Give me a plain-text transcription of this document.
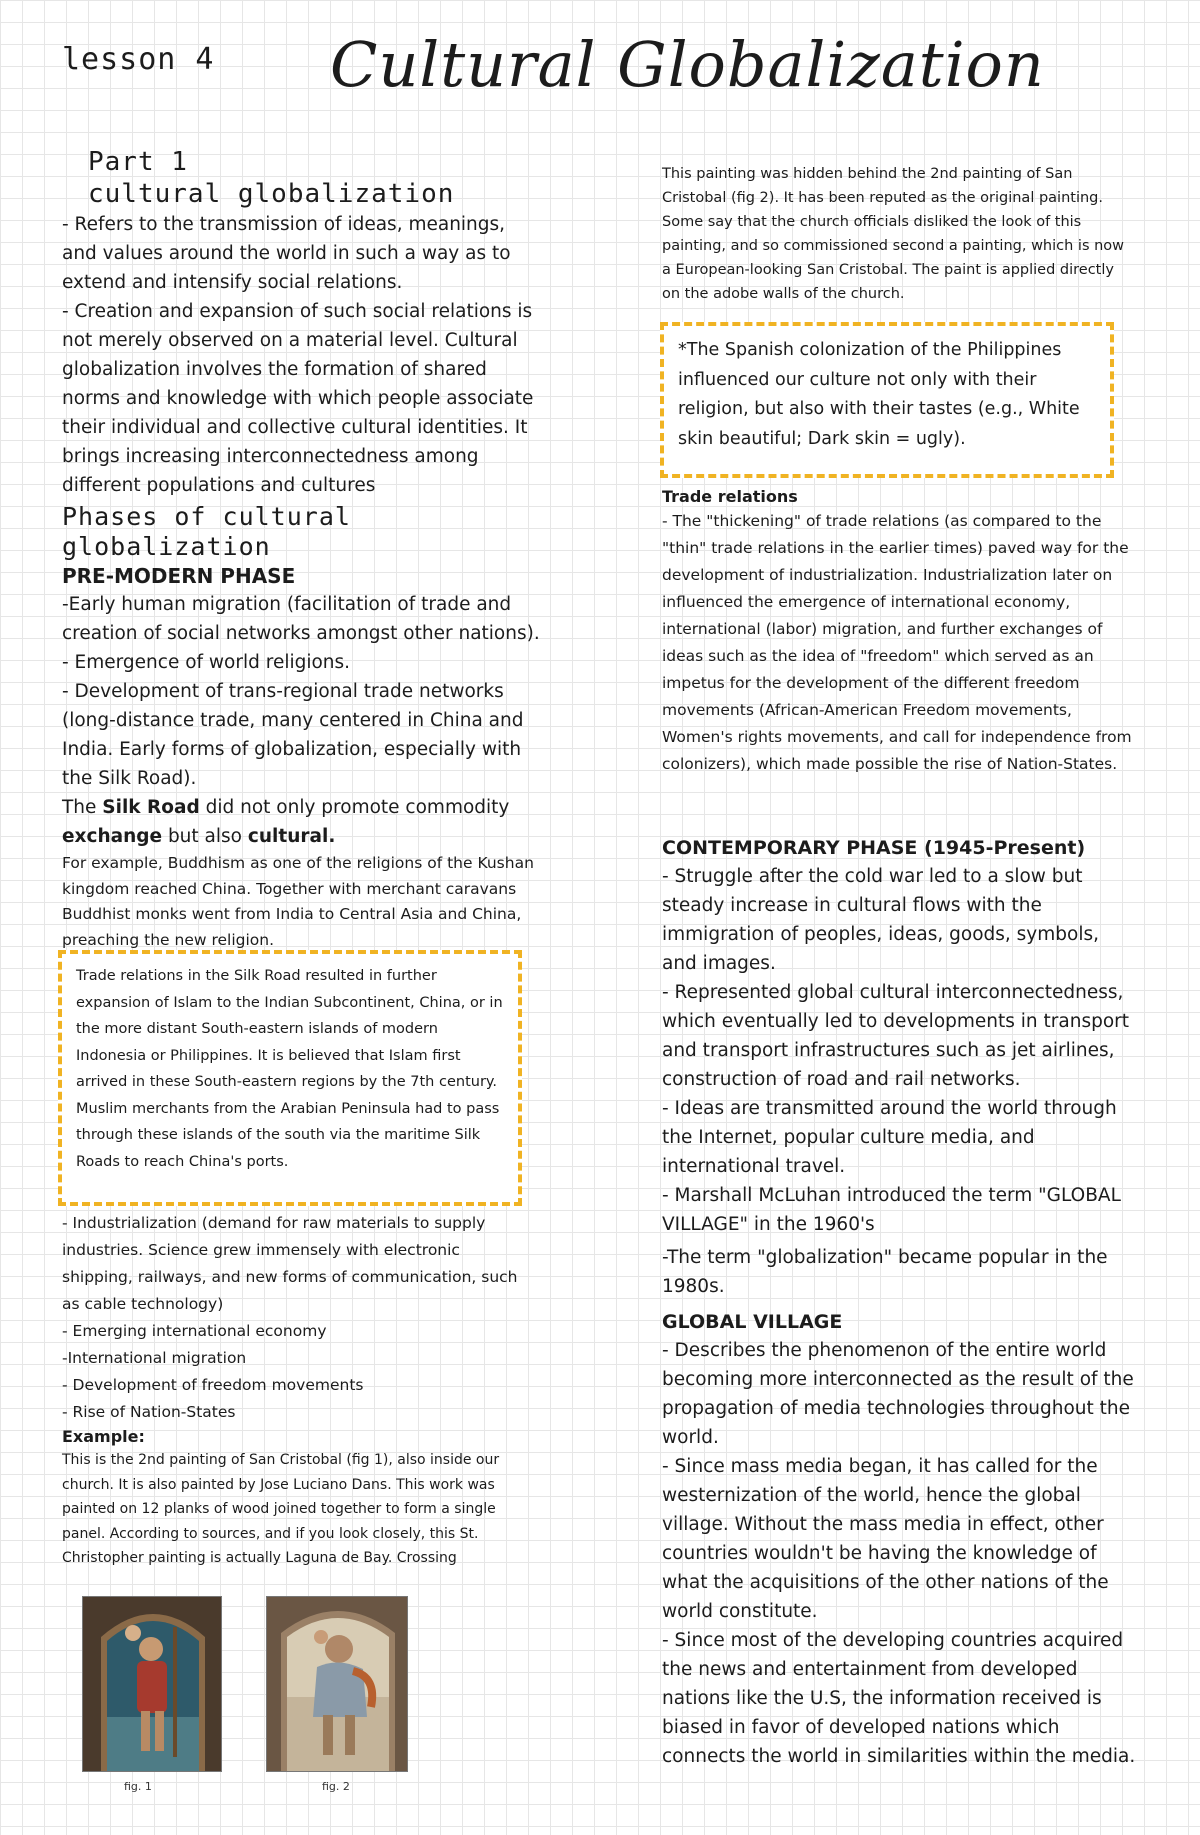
lesson 4 Cultural Globalization
Part 1
cultural globalization

- Refers to the transmission of ideas, meanings, and values around the world in such a way as to extend and intensify social relations.

- Creation and expansion of such social relations is not merely observed on a material level. Cultural globalization involves the formation of shared norms and knowledge with which people associate their individual and collective cultural identities. It brings increasing interconnectedness among different populations and cultures

Phases of cultural globalization
PRE-MODERN PHASE

-Early human migration (facilitation of trade and creation of social networks amongst other nations).

- Emergence of world religions.

- Development of trans-regional trade networks (long-distance trade, many centered in China and India. Early forms of globalization, especially with the Silk Road).

The Silk Road did not only promote commodity exchange but also cultural.

For example, Buddhism as one of the religions of the Kushan kingdom reached China. Together with merchant caravans Buddhist monks went from India to Central Asia and China, preaching the new religion.

Trade relations in the Silk Road resulted in further expansion of Islam to the Indian Subcontinent, China, or in the more distant South-eastern islands of modern Indonesia or Philippines. It is believed that Islam first arrived in these South-eastern regions by the 7th century. Muslim merchants from the Arabian Peninsula had to pass through these islands of the south via the maritime Silk Roads to reach China's ports.

- Industrialization (demand for raw materials to supply industries. Science grew immensely with electronic shipping, railways, and new forms of communication, such as cable technology)

- Emerging international economy

-International migration

- Development of freedom movements

- Rise of Nation-States

Example:

This is the 2nd painting of San Cristobal (fig 1), also inside our church. It is also painted by Jose Luciano Dans. This work was painted on 12 planks of wood joined together to form a single panel. According to sources, and if you look closely, this St. Christopher painting is actually Laguna de Bay. Crossing

fig. 1	fig. 2

This painting was hidden behind the 2nd painting of San Cristobal (fig 2). It has been reputed as the original painting. Some say that the church officials disliked the look of this painting, and so commissioned second a painting, which is now a European-looking San Cristobal. The paint is applied directly on the adobe walls of the church.

*The Spanish colonization of the Philippines influenced our culture not only with their religion, but also with their tastes (e.g., White skin beautiful; Dark skin = ugly).

Trade relations

- The "thickening" of trade relations (as compared to the "thin" trade relations in the earlier times) paved way for the development of industrialization. Industrialization later on influenced the emergence of international economy, international (labor) migration, and further exchanges of ideas such as the idea of "freedom" which served as an impetus for the development of the different freedom movements (African-American Freedom movements, Women's rights movements, and call for independence from colonizers), which made possible the rise of Nation-States.

CONTEMPORARY PHASE (1945-Present)

- Struggle after the cold war led to a slow but steady increase in cultural flows with the immigration of peoples, ideas, goods, symbols, and images.

- Represented global cultural interconnectedness, which eventually led to developments in transport and transport infrastructures such as jet airlines, construction of road and rail networks.

- Ideas are transmitted around the world through the Internet, popular culture media, and international travel.

- Marshall McLuhan introduced the term "GLOBAL VILLAGE" in the 1960's

-The term "globalization" became popular in the 1980s.

GLOBAL VILLAGE

- Describes the phenomenon of the entire world becoming more interconnected as the result of the propagation of media technologies throughout the world.

- Since mass media began, it has called for the westernization of the world, hence the global village. Without the mass media in effect, other countries wouldn't be having the knowledge of what the acquisitions of the other nations of the world constitute.

- Since most of the developing countries acquired the news and entertainment from developed nations like the U.S, the information received is biased in favor of developed nations which connects the world in similarities within the media.
